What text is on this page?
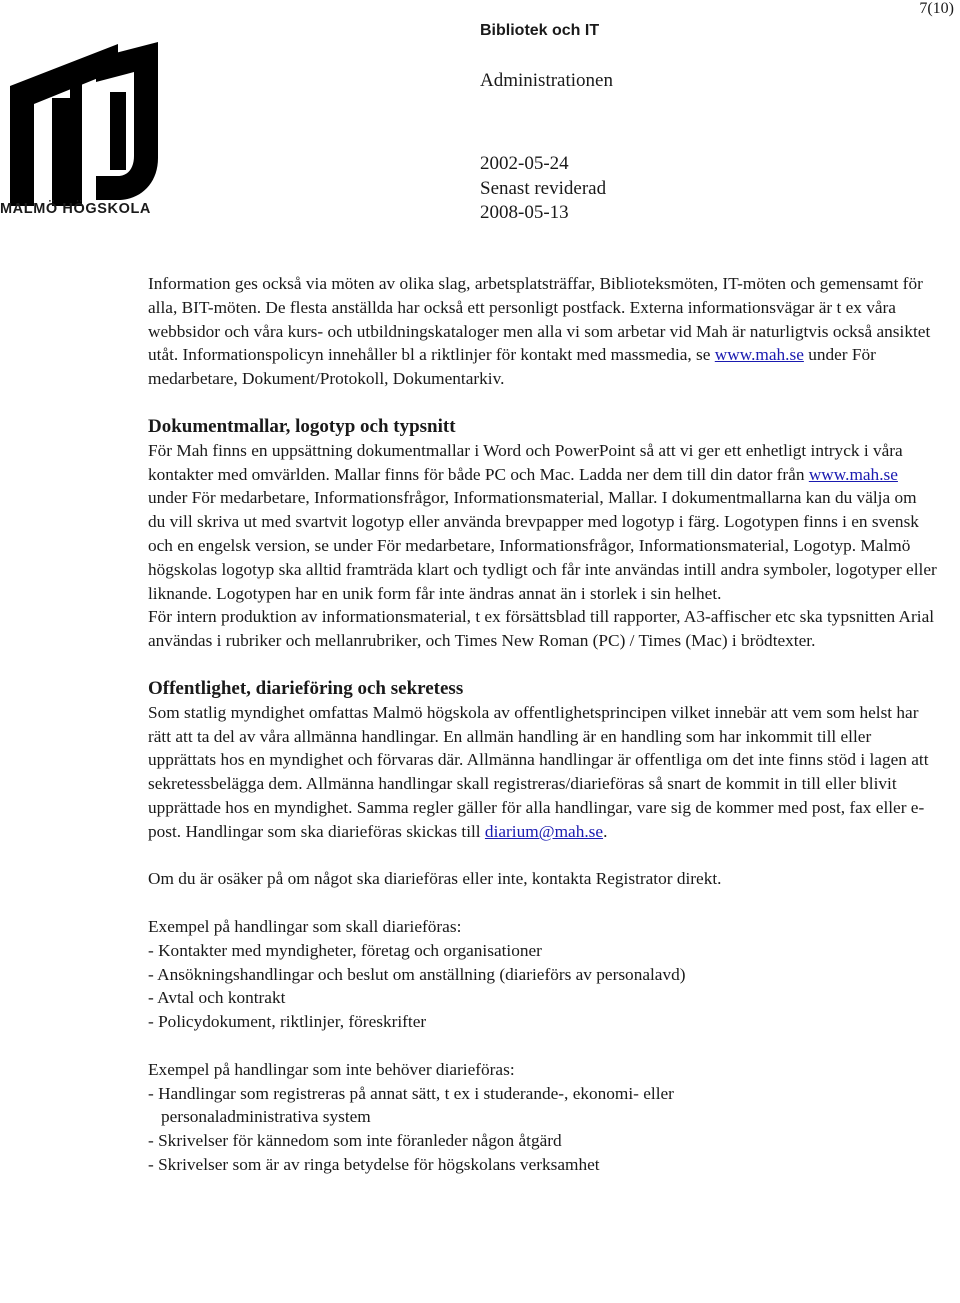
7(10)
Bibliotek och IT
Administrationen
2002-05-24
Senast reviderad
2008-05-13
MALMÖ HÖGSKOLA

Information ges också via möten av olika slag, arbetsplatsträffar, Biblioteksmöten, IT-möten och gemensamt för alla, BIT-möten. De flesta anställda har också ett personligt postfack. Externa informationsvägar är t ex våra webbsidor och våra kurs- och utbildningskataloger men alla vi som arbetar vid Mah är naturligtvis också ansiktet utåt. Informationspolicyn innehåller bl a riktlinjer för kontakt med massmedia, se www.mah.se under För medarbetare, Dokument/Protokoll, Dokumentarkiv.

Dokumentmallar, logotyp och typsnitt

För Mah finns en uppsättning dokumentmallar i Word och PowerPoint så att vi ger ett enhetligt intryck i våra kontakter med omvärlden. Mallar finns för både PC och Mac. Ladda ner dem till din dator från www.mah.se under För medarbetare, Informationsfrågor, Informationsmaterial, Mallar. I dokumentmallarna kan du välja om du vill skriva ut med svartvit logotyp eller använda brevpapper med logotyp i färg. Logotypen finns i en svensk och en engelsk version, se under För medarbetare, Informationsfrågor, Informationsmaterial, Logotyp. Malmö högskolas logotyp ska alltid framträda klart och tydligt och får inte användas intill andra symboler, logotyper eller liknande. Logotypen har en unik form får inte ändras annat än i storlek i sin helhet.

För intern produktion av informationsmaterial, t ex försättsblad till rapporter, A3-affischer etc ska typsnitten Arial användas i rubriker och mellanrubriker, och Times New Roman (PC) / Times (Mac) i brödtexter.

Offentlighet, diarieföring och sekretess

Som statlig myndighet omfattas Malmö högskola av offentlighetsprincipen vilket innebär att vem som helst har rätt att ta del av våra allmänna handlingar. En allmän handling är en handling som har inkommit till eller upprättats hos en myndighet och förvaras där. Allmänna handlingar är offentliga om det inte finns stöd i lagen att sekretessbelägga dem. Allmänna handlingar skall registreras/diarieföras så snart de kommit in till eller blivit upprättade hos en myndighet. Samma regler gäller för alla handlingar, vare sig de kommer med post, fax eller e-post. Handlingar som ska diarieföras skickas till diarium@mah.se.

Om du är osäker på om något ska diarieföras eller inte, kontakta Registrator direkt.

Exempel på handlingar som skall diarieföras:

- Kontakter med myndigheter, företag och organisationer

- Ansökningshandlingar och beslut om anställning (diarieförs av personalavd)

- Avtal och kontrakt

- Policydokument, riktlinjer, föreskrifter

Exempel på handlingar som inte behöver diarieföras:

- Handlingar som registreras på annat sätt, t ex i studerande-, ekonomi- eller

personaladministrativa system

- Skrivelser för kännedom som inte föranleder någon åtgärd

- Skrivelser som är av ringa betydelse för högskolans verksamhet
